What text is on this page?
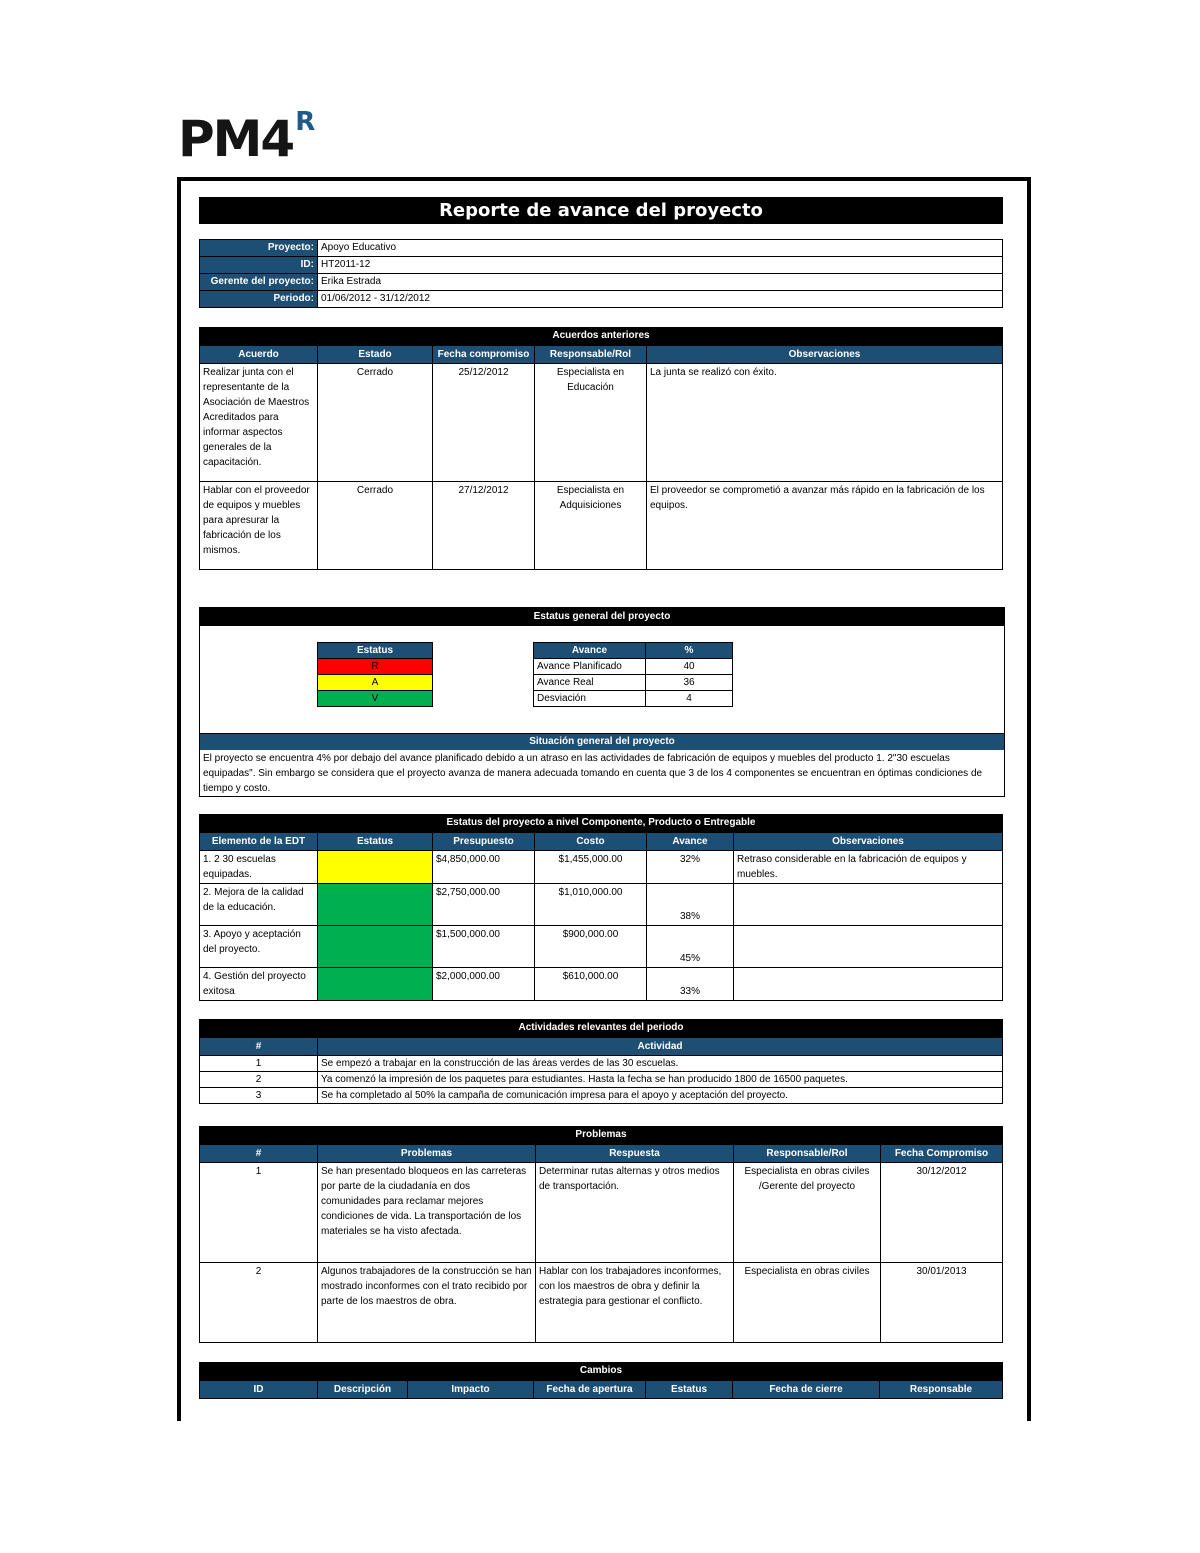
$PM4^R$
Reporte de avance del proyecto
Proyecto:	Apoyo Educativo
ID:	HT2011-12
Gerente del proyecto:	Erika Estrada
Periodo:	01/06/2012 - 31/12/2012
Acuerdos anteriores
Acuerdo	Estado	Fecha compromiso	Responsable/Rol	Observaciones
Realizar junta con el representante de la Asociación de Maestros Acreditados para informar aspectos generales de la capacitación.	Cerrado	25/12/2012	Especialista en Educación	La junta se realizó con éxito.
Hablar con el proveedor de equipos y muebles para apresurar la fabricación de los mismos.	Cerrado	27/12/2012	Especialista en Adquisiciones	El proveedor se comprometió a avanzar más rápido en la fabricación de los equipos.
Estatus general del proyecto
Estatus
R
A
V
Avance	%
Avance Planificado	40
Avance Real	36
Desviación	4
Situación general del proyecto
El proyecto se encuentra 4% por debajo del avance planificado debido a un atraso en las actividades de fabricación de equipos y muebles del producto 1. 2"30 escuelas equipadas". Sin embargo se considera que el proyecto avanza de manera adecuada tomando en cuenta que 3 de los 4 componentes se encuentran en óptimas condiciones de tiempo y costo.
Estatus del proyecto a nivel Componente, Producto o Entregable
Elemento de la EDT	Estatus	Presupuesto	Costo	Avance	Observaciones
1. 2 30 escuelas equipadas.		$4,850,000.00	$1,455,000.00	32%	Retraso considerable en la fabricación de equipos y muebles.
2. Mejora de la calidad de la educación.		$2,750,000.00	$1,010,000.00	38%	
3. Apoyo y aceptación del proyecto.		$1,500,000.00	$900,000.00	45%	
4. Gestión del proyecto exitosa		$2,000,000.00	$610,000.00	33%	
Actividades relevantes del periodo
#	Actividad
1	Se empezó a trabajar en la construcción de las áreas verdes de las 30 escuelas.
2	Ya comenzó la impresión de los paquetes para estudiantes. Hasta la fecha se han producido 1800 de 16500 paquetes.
3	Se ha completado al 50% la campaña de comunicación impresa para el apoyo y aceptación del proyecto.
Problemas
#	Problemas	Respuesta	Responsable/Rol	Fecha Compromiso
1	Se han presentado bloqueos en las carreteras por parte de la ciudadanía en dos comunidades para reclamar mejores condiciones de vida. La transportación de los materiales se ha visto afectada.	Determinar rutas alternas y otros medios de transportación.	Especialista en obras civiles /Gerente del proyecto	30/12/2012
2	Algunos trabajadores de la construcción se han mostrado inconformes con el trato recibido por parte de los maestros de obra.	Hablar con los trabajadores inconformes, con los maestros de obra y definir la estrategia para gestionar el conflicto.	Especialista en obras civiles	30/01/2013
Cambios
ID	Descripción	Impacto	Fecha de apertura	Estatus	Fecha de cierre	Responsable
